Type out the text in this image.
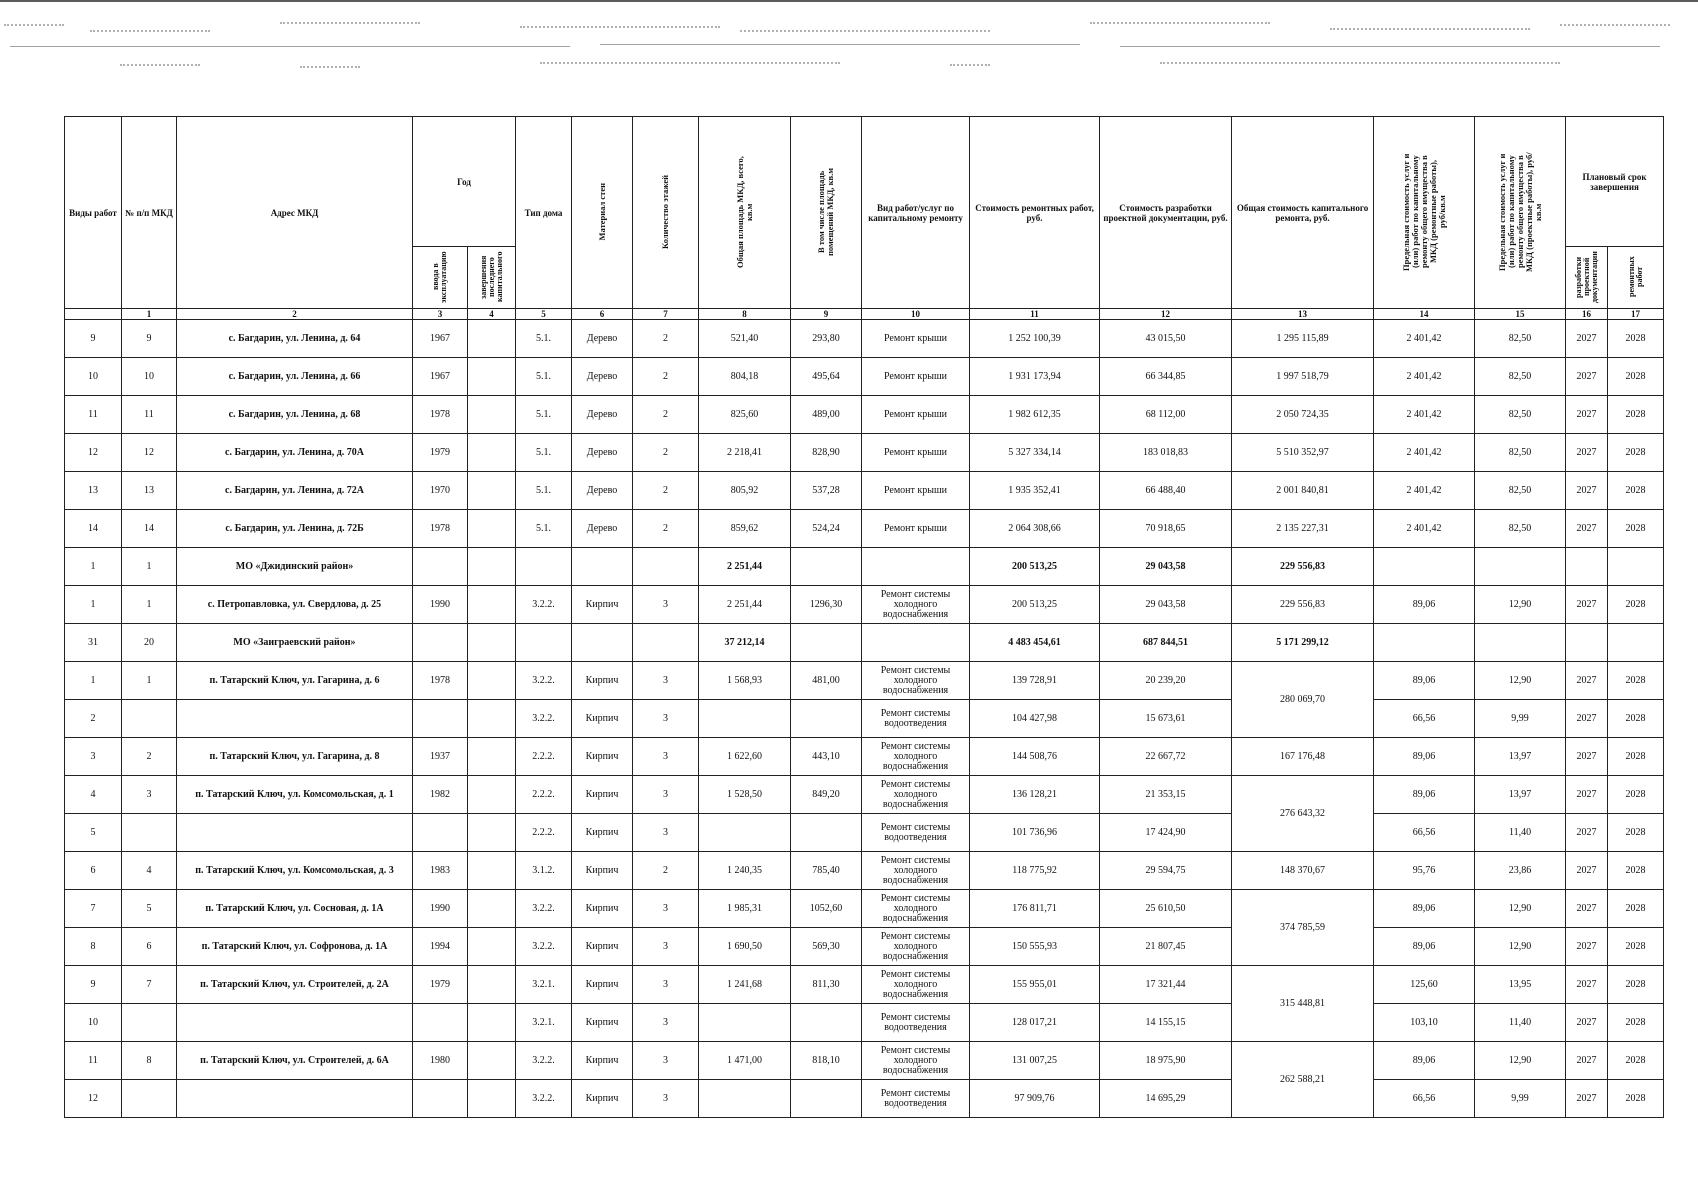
Виды работ	№ п/п МКД	Адрес МКД	Год		Тип дома	Материал стен	Количество этажей	Общая площадь МКД, всего, кв.м	В том числе площадь помещений МКД, кв.м	Вид работ/услуг по капитальному ремонту	Стоимость ремонтных работ, руб.	Стоимость разработки проектной документации, руб.	Общая стоимость капитального ремонта, руб.	Предельная стоимость услуг и (или) работ по капитальному ремонту общего имущества в МКД (ремонтные работы), руб/кв.м	Предельная стоимость услуг и (или) работ по капитальному ремонту общего имущества в МКД (проектные работы), руб/кв.м	Плановый срок завершения	
			ввода в эксплуатацию	завершения последнего капитального												разработки проектной документации	ремонтных работ
	1	2	3	4	5	6	7	8	9	10	11	12	13	14	15	16	17
9	9	с. Багдарин, ул. Ленина, д. 64	1967		5.1.	Дерево	2	521,40	293,80	Ремонт крыши	1 252 100,39	43 015,50	1 295 115,89	2 401,42	82,50	2027	2028
10	10	с. Багдарин, ул. Ленина, д. 66	1967		5.1.	Дерево	2	804,18	495,64	Ремонт крыши	1 931 173,94	66 344,85	1 997 518,79	2 401,42	82,50	2027	2028
11	11	с. Багдарин, ул. Ленина, д. 68	1978		5.1.	Дерево	2	825,60	489,00	Ремонт крыши	1 982 612,35	68 112,00	2 050 724,35	2 401,42	82,50	2027	2028
12	12	с. Багдарин, ул. Ленина, д. 70А	1979		5.1.	Дерево	2	2 218,41	828,90	Ремонт крыши	5 327 334,14	183 018,83	5 510 352,97	2 401,42	82,50	2027	2028
13	13	с. Багдарин, ул. Ленина, д. 72А	1970		5.1.	Дерево	2	805,92	537,28	Ремонт крыши	1 935 352,41	66 488,40	2 001 840,81	2 401,42	82,50	2027	2028
14	14	с. Багдарин, ул. Ленина, д. 72Б	1978		5.1.	Дерево	2	859,62	524,24	Ремонт крыши	2 064 308,66	70 918,65	2 135 227,31	2 401,42	82,50	2027	2028
1	1	МО «Джидинский район»						2 251,44			200 513,25	29 043,58	229 556,83				
1	1	с. Петропавловка, ул. Свердлова, д. 25	1990		3.2.2.	Кирпич	3	2 251,44	1296,30	Ремонт системы холодного водоснабжения	200 513,25	29 043,58	229 556,83	89,06	12,90	2027	2028
31	20	МО «Заиграевский район»						37 212,14			4 483 454,61	687 844,51	5 171 299,12				
1	1	п. Татарский Ключ, ул. Гагарина, д. 6	1978		3.2.2.	Кирпич	3	1 568,93	481,00	Ремонт системы холодного водоснабжения	139 728,91	20 239,20	280 069,70	89,06	12,90	2027	2028
2					3.2.2.	Кирпич	3			Ремонт системы водоотведения	104 427,98	15 673,61		66,56	9,99	2027	2028
3	2	п. Татарский Ключ, ул. Гагарина, д. 8	1937		2.2.2.	Кирпич	3	1 622,60	443,10	Ремонт системы холодного водоснабжения	144 508,76	22 667,72	167 176,48	89,06	13,97	2027	2028
4	3	п. Татарский Ключ, ул. Комсомольская, д. 1	1982		2.2.2.	Кирпич	3	1 528,50	849,20	Ремонт системы холодного водоснабжения	136 128,21	21 353,15	276 643,32	89,06	13,97	2027	2028
5					2.2.2.	Кирпич	3			Ремонт системы водоотведения	101 736,96	17 424,90		66,56	11,40	2027	2028
6	4	п. Татарский Ключ, ул. Комсомольская, д. 3	1983		3.1.2.	Кирпич	2	1 240,35	785,40	Ремонт системы холодного водоснабжения	118 775,92	29 594,75	148 370,67	95,76	23,86	2027	2028
7	5	п. Татарский Ключ, ул. Сосновая, д. 1А	1990		3.2.2.	Кирпич	3	1 985,31	1052,60	Ремонт системы холодного водоснабжения	176 811,71	25 610,50	374 785,59	89,06	12,90	2027	2028
8	6	п. Татарский Ключ, ул. Софронова, д. 1А	1994		3.2.2.	Кирпич	3	1 690,50	569,30	Ремонт системы холодного водоснабжения	150 555,93	21 807,45		89,06	12,90	2027	2028
9	7	п. Татарский Ключ, ул. Строителей, д. 2А	1979		3.2.1.	Кирпич	3	1 241,68	811,30	Ремонт системы холодного водоснабжения	155 955,01	17 321,44	315 448,81	125,60	13,95	2027	2028
10					3.2.1.	Кирпич	3			Ремонт системы водоотведения	128 017,21	14 155,15		103,10	11,40	2027	2028
11	8	п. Татарский Ключ, ул. Строителей, д. 6А	1980		3.2.2.	Кирпич	3	1 471,00	818,10	Ремонт системы холодного водоснабжения	131 007,25	18 975,90	262 588,21	89,06	12,90	2027	2028
12					3.2.2.	Кирпич	3			Ремонт системы водоотведения	97 909,76	14 695,29		66,56	9,99	2027	2028
